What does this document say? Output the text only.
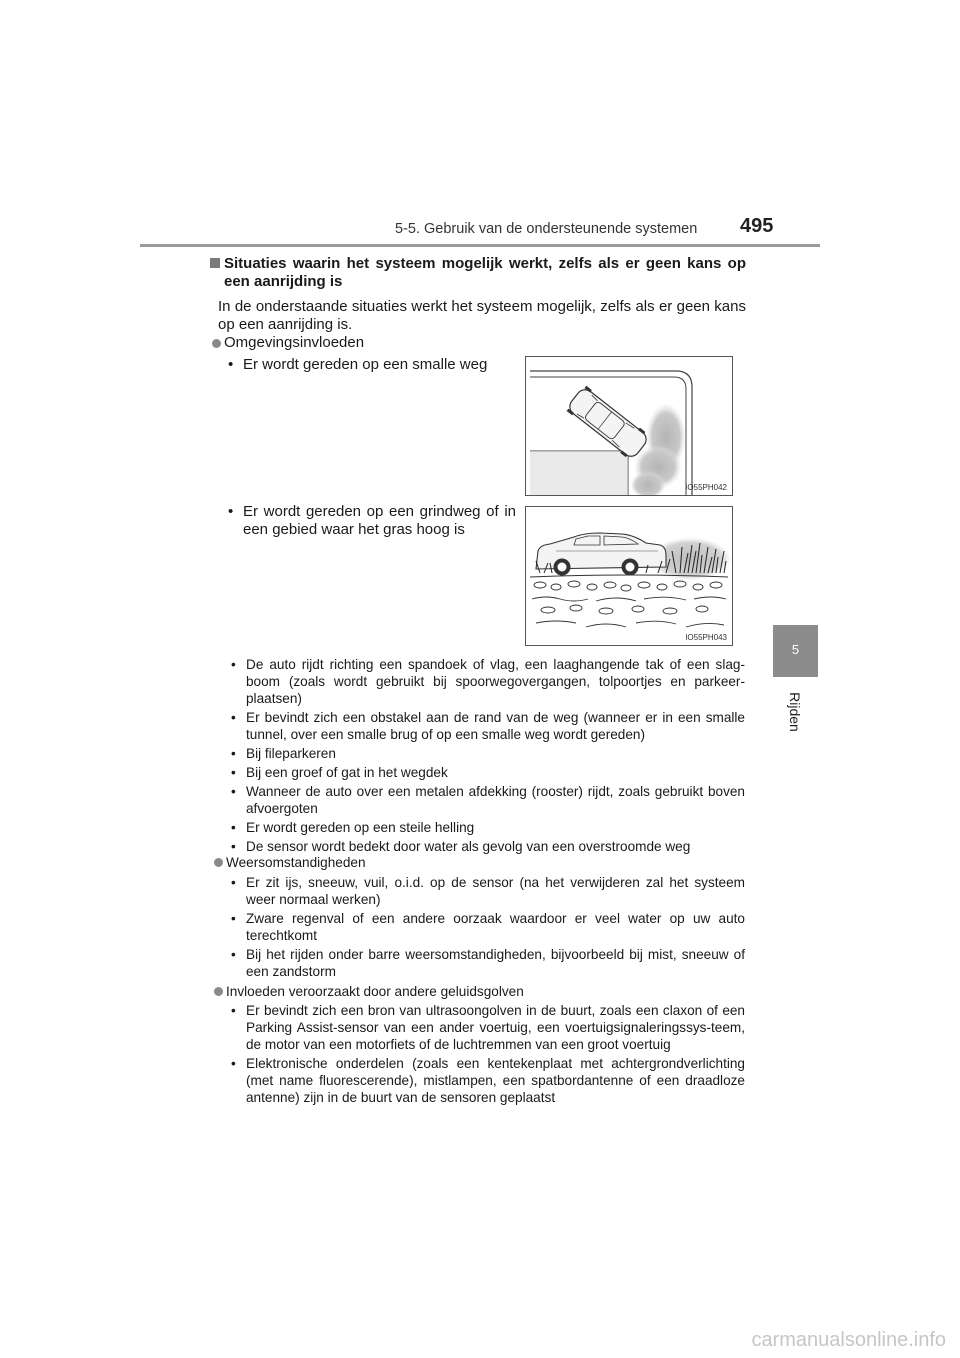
5-5. Gebruik van de ondersteunende systemen 495
5
Rijden
Situaties waarin het systeem mogelijk werkt, zelfs als er geen kans op een aanrijding is
In de onderstaande situaties werkt het systeem mogelijk, zelfs als er geen kans op een aanrijding is.
Omgevingsinvloeden
• Er wordt gereden op een smalle weg
IO55PH042
• Er wordt gereden op een grindweg of in een gebied waar het gras hoog is
IO55PH043
• De auto rijdt richting een spandoek of vlag, een laaghangende tak of een slag-boom (zoals wordt gebruikt bij spoorwegovergangen, tolpoortjes en parkeer-plaatsen)
• Er bevindt zich een obstakel aan de rand van de weg (wanneer er in een smalle tunnel, over een smalle brug of op een smalle weg wordt gereden)
• Bij fileparkeren
• Bij een groef of gat in het wegdek
• Wanneer de auto over een metalen afdekking (rooster) rijdt, zoals gebruikt boven afvoergoten
• Er wordt gereden op een steile helling
• De sensor wordt bedekt door water als gevolg van een overstroomde weg
Weersomstandigheden
• Er zit ijs, sneeuw, vuil, o.i.d. op de sensor (na het verwijderen zal het systeem weer normaal werken)
• Zware regenval of een andere oorzaak waardoor er veel water op uw auto terechtkomt
• Bij het rijden onder barre weersomstandigheden, bijvoorbeeld bij mist, sneeuw of een zandstorm
Invloeden veroorzaakt door andere geluidsgolven
• Er bevindt zich een bron van ultrasoongolven in de buurt, zoals een claxon of een Parking Assist-sensor van een ander voertuig, een voertuigsignaleringssys-teem, de motor van een motorfiets of de luchtremmen van een groot voertuig
• Elektronische onderdelen (zoals een kentekenplaat met achtergrondverlichting (met name fluorescerende), mistlampen, een spatbordantenne of een draadloze antenne) zijn in de buurt van de sensoren geplaatst
carmanualsonline.info
